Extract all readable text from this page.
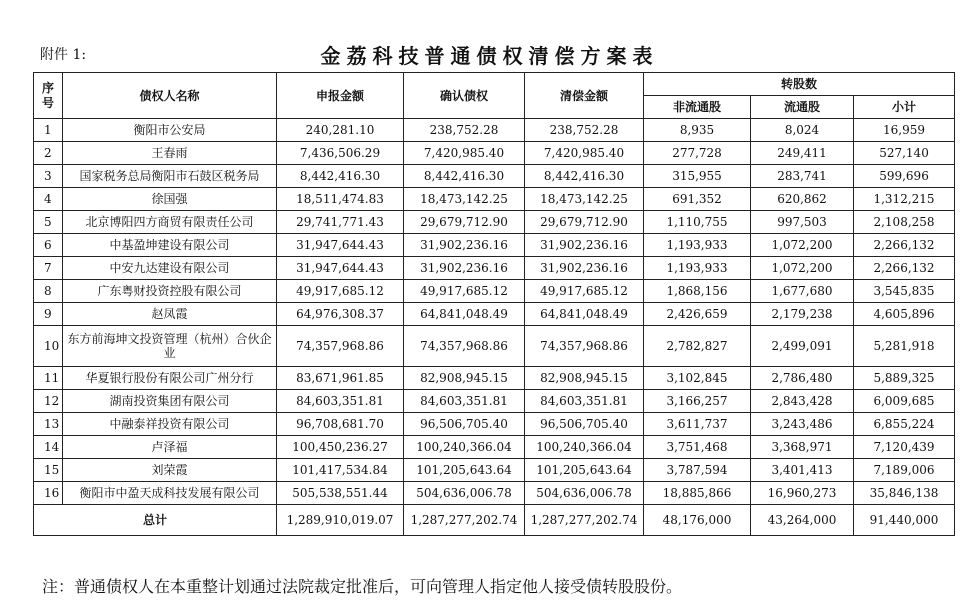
附件 1:	金荔科技普通债权清偿方案表
序号	债权人名称	申报金额	确认债权	清偿金额	转股数		
					非流通股	流通股	小计
1	衡阳市公安局	240,281.10	238,752.28	238,752.28	8,935	8,024	16,959
2	王春雨	7,436,506.29	7,420,985.40	7,420,985.40	277,728	249,411	527,140
3	国家税务总局衡阳市石鼓区税务局	8,442,416.30	8,442,416.30	8,442,416.30	315,955	283,741	599,696
4	徐国强	18,511,474.83	18,473,142.25	18,473,142.25	691,352	620,862	1,312,215
5	北京博阳四方商贸有限责任公司	29,741,771.43	29,679,712.90	29,679,712.90	1,110,755	997,503	2,108,258
6	中基盈坤建设有限公司	31,947,644.43	31,902,236.16	31,902,236.16	1,193,933	1,072,200	2,266,132
7	中安九达建设有限公司	31,947,644.43	31,902,236.16	31,902,236.16	1,193,933	1,072,200	2,266,132
8	广东粤财投资控股有限公司	49,917,685.12	49,917,685.12	49,917,685.12	1,868,156	1,677,680	3,545,835
9	赵凤霞	64,976,308.37	64,841,048.49	64,841,048.49	2,426,659	2,179,238	4,605,896
10	东方前海坤文投资管理（杭州）合伙企业	74,357,968.86	74,357,968.86	74,357,968.86	2,782,827	2,499,091	5,281,918
11	华夏银行股份有限公司广州分行	83,671,961.85	82,908,945.15	82,908,945.15	3,102,845	2,786,480	5,889,325
12	湖南投资集团有限公司	84,603,351.81	84,603,351.81	84,603,351.81	3,166,257	2,843,428	6,009,685
13	中融泰祥投资有限公司	96,708,681.70	96,506,705.40	96,506,705.40	3,611,737	3,243,486	6,855,224
14	卢泽福	100,450,236.27	100,240,366.04	100,240,366.04	3,751,468	3,368,971	7,120,439
15	刘荣霞	101,417,534.84	101,205,643.64	101,205,643.64	3,787,594	3,401,413	7,189,006
16	衡阳市中盈天成科技发展有限公司	505,538,551.44	504,636,006.78	504,636,006.78	18,885,866	16,960,273	35,846,138
总计		1,289,910,019.07	1,287,277,202.74	1,287,277,202.74	48,176,000	43,264,000	91,440,000
注：普通债权人在本重整计划通过法院裁定批准后，可向管理人指定他人接受债转股股份。
